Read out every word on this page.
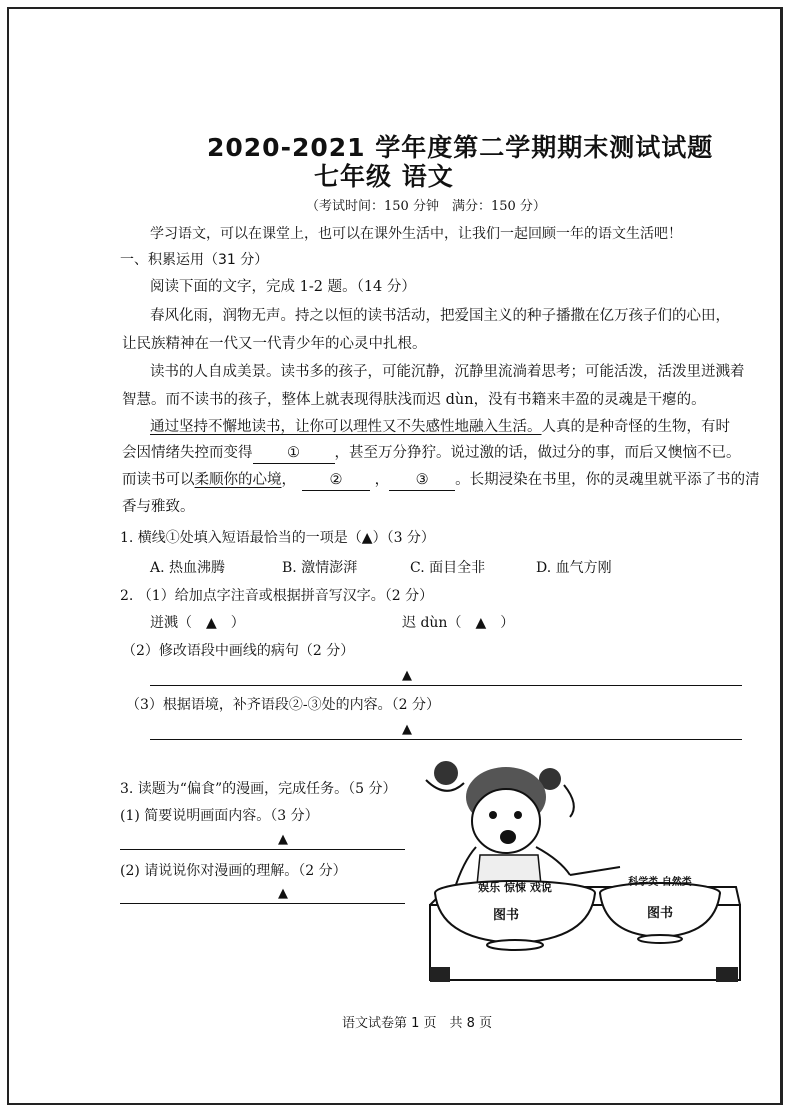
2020-2021 学年度第二学期期末测试试题
七年级 语文
（考试时间：150 分钟　满分：150 分）
学习语文，可以在课堂上，也可以在课外生活中，让我们一起回顾一年的语文生活吧！
一、积累运用（31 分）
阅读下面的文字，完成 1-2 题。（14 分）
春风化雨，润物无声。持之以恒的读书活动，把爱国主义的种子播撒在亿万孩子们的心田，
让民族精神在一代又一代青少年的心灵中扎根。
读书的人自成美景。读书多的孩子，可能沉静，沉静里流淌着思考；可能活泼，活泼里迸溅着
智慧。而不读书的孩子，整体上就表现得肤浅而迟 dùn，没有书籍来丰盈的灵魂是干瘪的。
通过坚持不懈地读书，让你可以理性又不失感性地融入生活。人真的是种奇怪的生物，有时
会因情绪失控而变得 ① ，甚至万分狰狞。说过激的话，做过分的事，而后又懊恼不已。
而读书可以柔顺你的心境， ② ， ③ 。长期浸染在书里，你的灵魂里就平添了书的清
香与雅致。
1. 横线①处填入短语最恰当的一项是（▲）（3 分）
A. 热血沸腾	B. 激情澎湃	C. 面目全非	D. 血气方刚
2. （1）给加点字注音或根据拼音写汉字。（2 分）
迸溅（　▲　）	迟 dùn（　▲　）
（2）修改语段中画线的病句（2 分）
▲
（3）根据语境，补齐语段②-③处的内容。（2 分）
▲
3. 读题为“偏食”的漫画，完成任务。（5 分）
(1) 简要说明画面内容。（3 分）
▲
(2) 请说说你对漫画的理解。（2 分）
▲	娱乐 惊悚 戏说
图书
科学类 自然类
图书
语文试卷第 1 页　共 8 页
